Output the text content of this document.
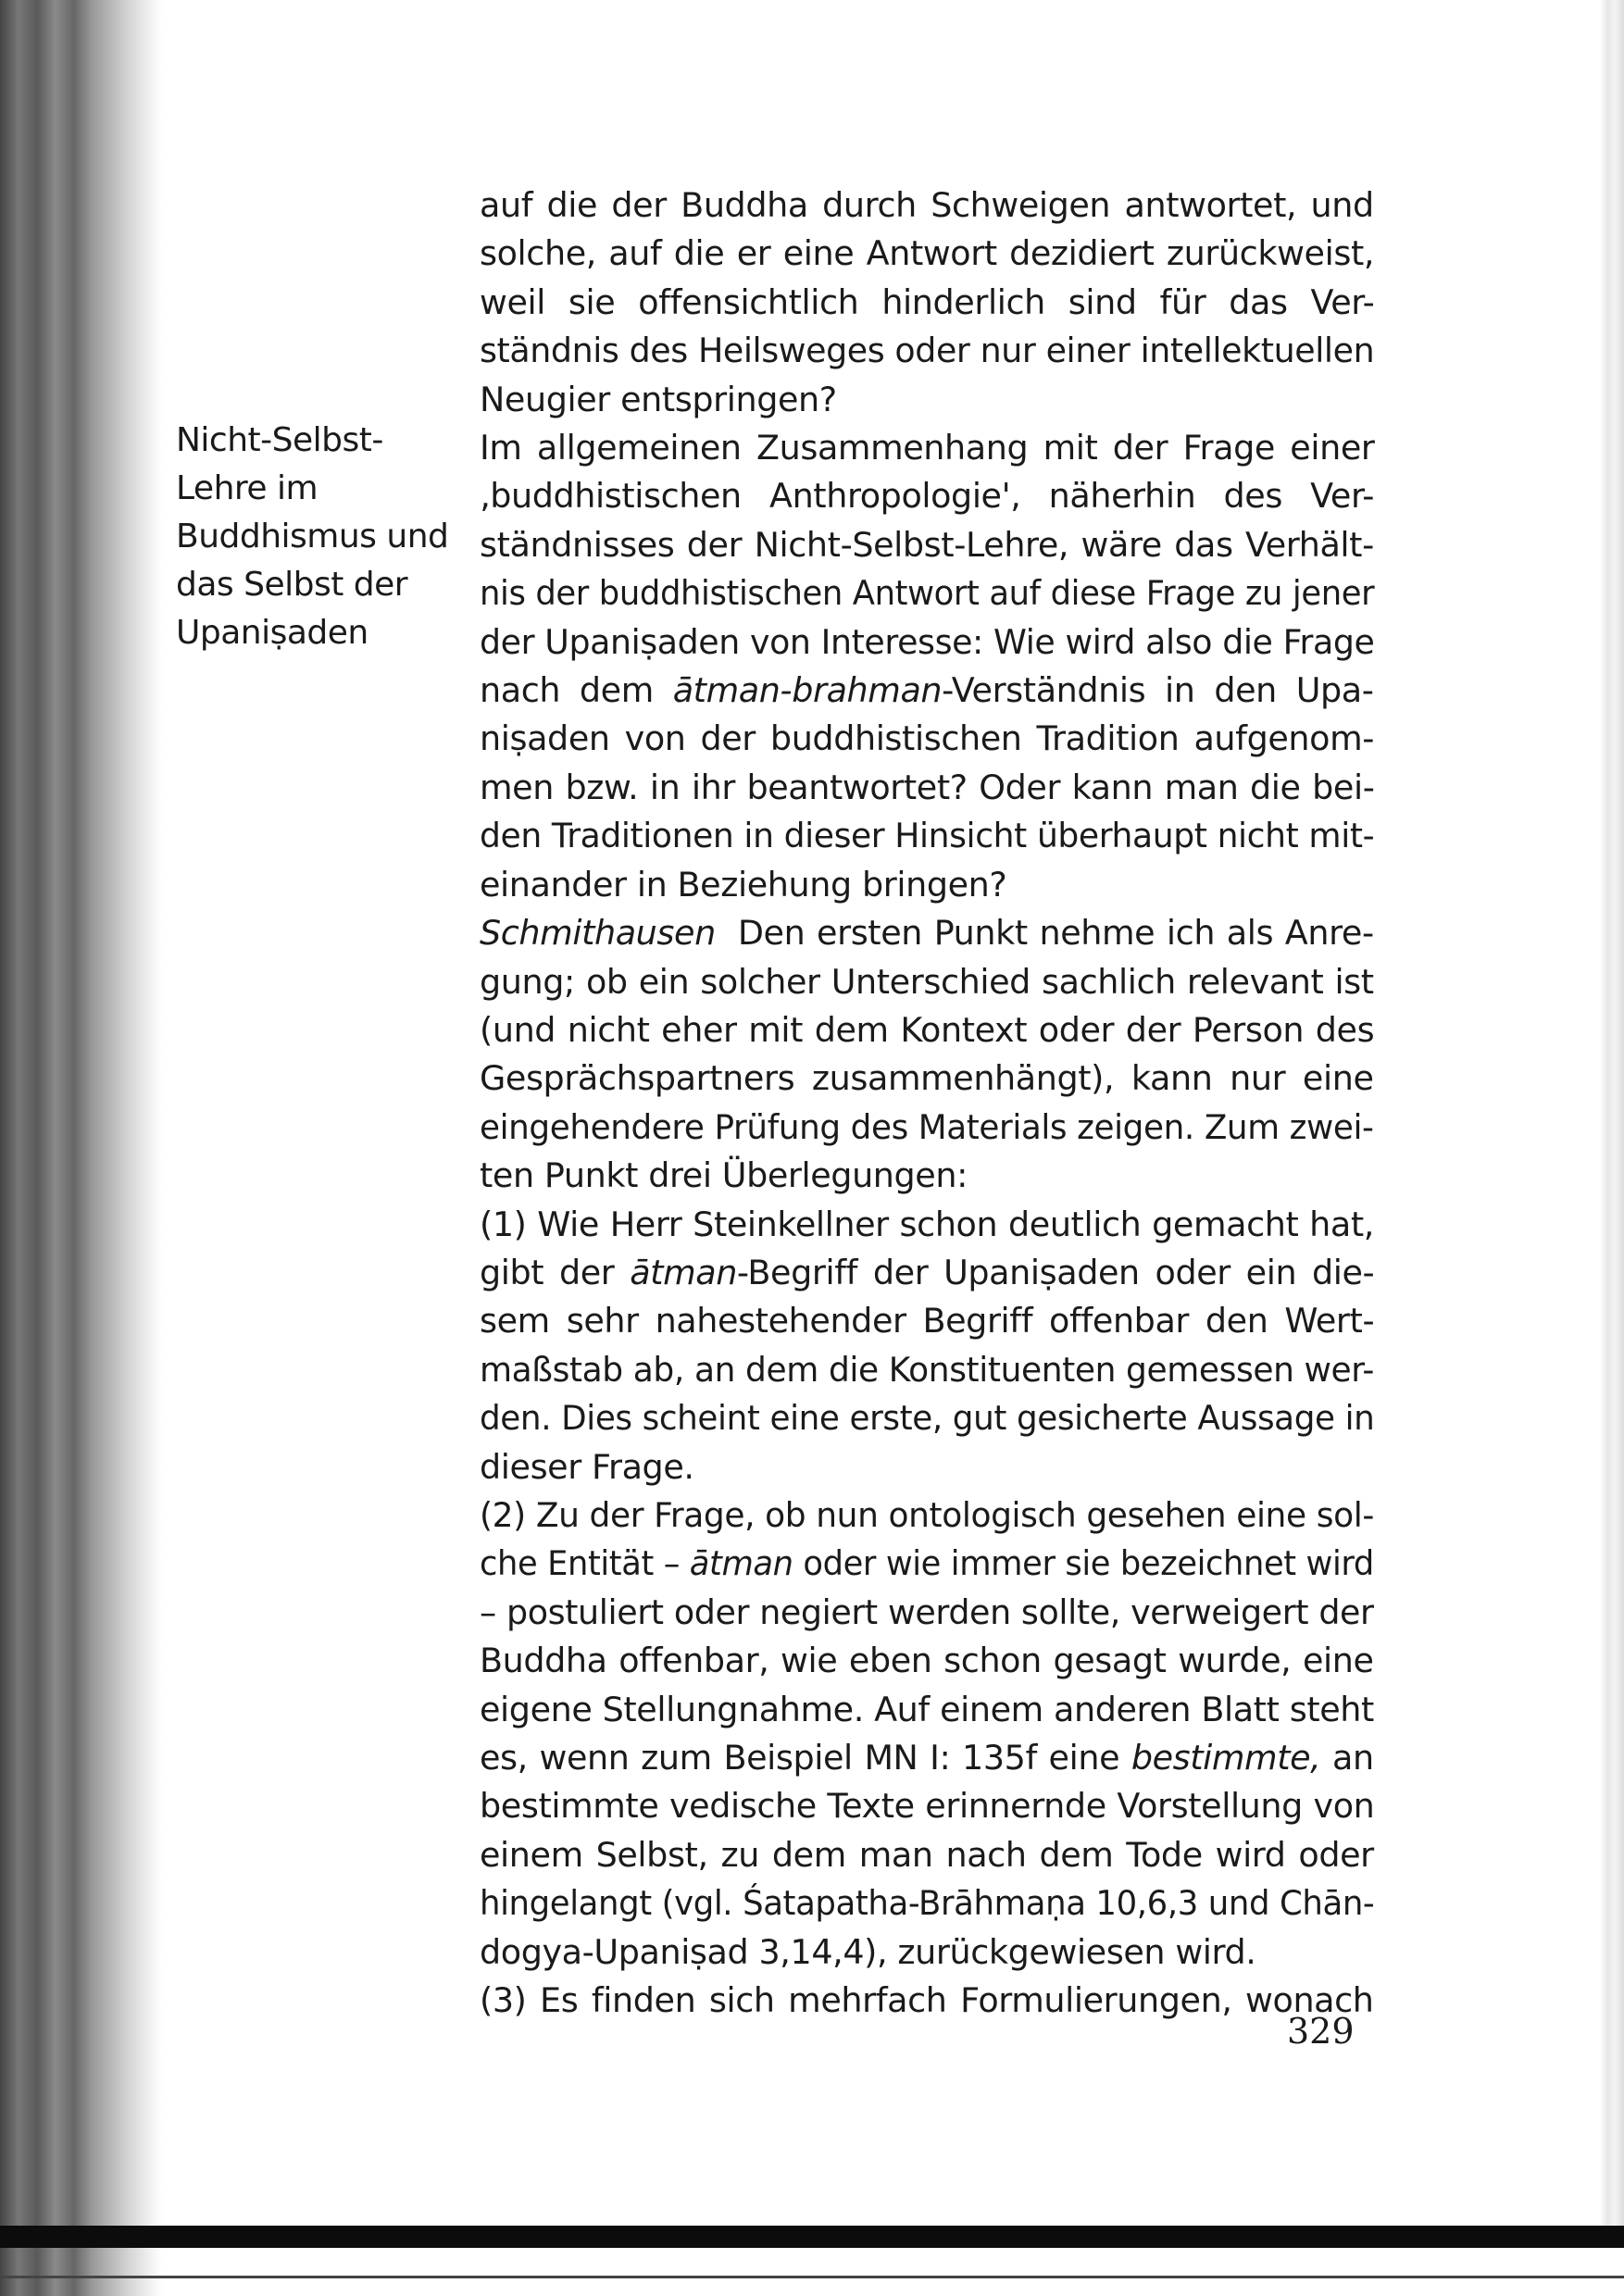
Nicht-Selbst-
Lehre im
Buddhismus und
das Selbst der
Upaniṣaden
auf die der Buddha durch Schweigen antwortet, und
solche, auf die er eine Antwort dezidiert zurückweist,
weil sie offensichtlich hinderlich sind für das Ver-
ständnis des Heilsweges oder nur einer intellektuellen
Neugier entspringen?
Im allgemeinen Zusammenhang mit der Frage einer
‚buddhistischen Anthropologie', näherhin des Ver-
ständnisses der Nicht-Selbst-Lehre, wäre das Verhält-
nis der buddhistischen Antwort auf diese Frage zu jener
der Upaniṣaden von Interesse: Wie wird also die Frage
nach dem ātman-brahman-Verständnis in den Upa-
niṣaden von der buddhistischen Tradition aufgenom-
men bzw. in ihr beantwortet? Oder kann man die bei-
den Traditionen in dieser Hinsicht überhaupt nicht mit-
einander in Beziehung bringen?
Schmithausen Den ersten Punkt nehme ich als Anre-
gung; ob ein solcher Unterschied sachlich relevant ist
(und nicht eher mit dem Kontext oder der Person des
Gesprächspartners zusammenhängt), kann nur eine
eingehendere Prüfung des Materials zeigen. Zum zwei-
ten Punkt drei Überlegungen:
(1) Wie Herr Steinkellner schon deutlich gemacht hat,
gibt der ātman-Begriff der Upaniṣaden oder ein die-
sem sehr nahestehender Begriff offenbar den Wert-
maßstab ab, an dem die Konstituenten gemessen wer-
den. Dies scheint eine erste, gut gesicherte Aussage in
dieser Frage.
(2) Zu der Frage, ob nun ontologisch gesehen eine sol-
che Entität – ātman oder wie immer sie bezeichnet wird
– postuliert oder negiert werden sollte, verweigert der
Buddha offenbar, wie eben schon gesagt wurde, eine
eigene Stellungnahme. Auf einem anderen Blatt steht
es, wenn zum Beispiel MN I: 135f eine bestimmte, an
bestimmte vedische Texte erinnernde Vorstellung von
einem Selbst, zu dem man nach dem Tode wird oder
hingelangt (vgl. Śatapatha-Brāhmaṇa 10,6,3 und Chān-
dogya-Upaniṣad 3,14,4), zurückgewiesen wird.
(3) Es finden sich mehrfach Formulierungen, wonach
329
